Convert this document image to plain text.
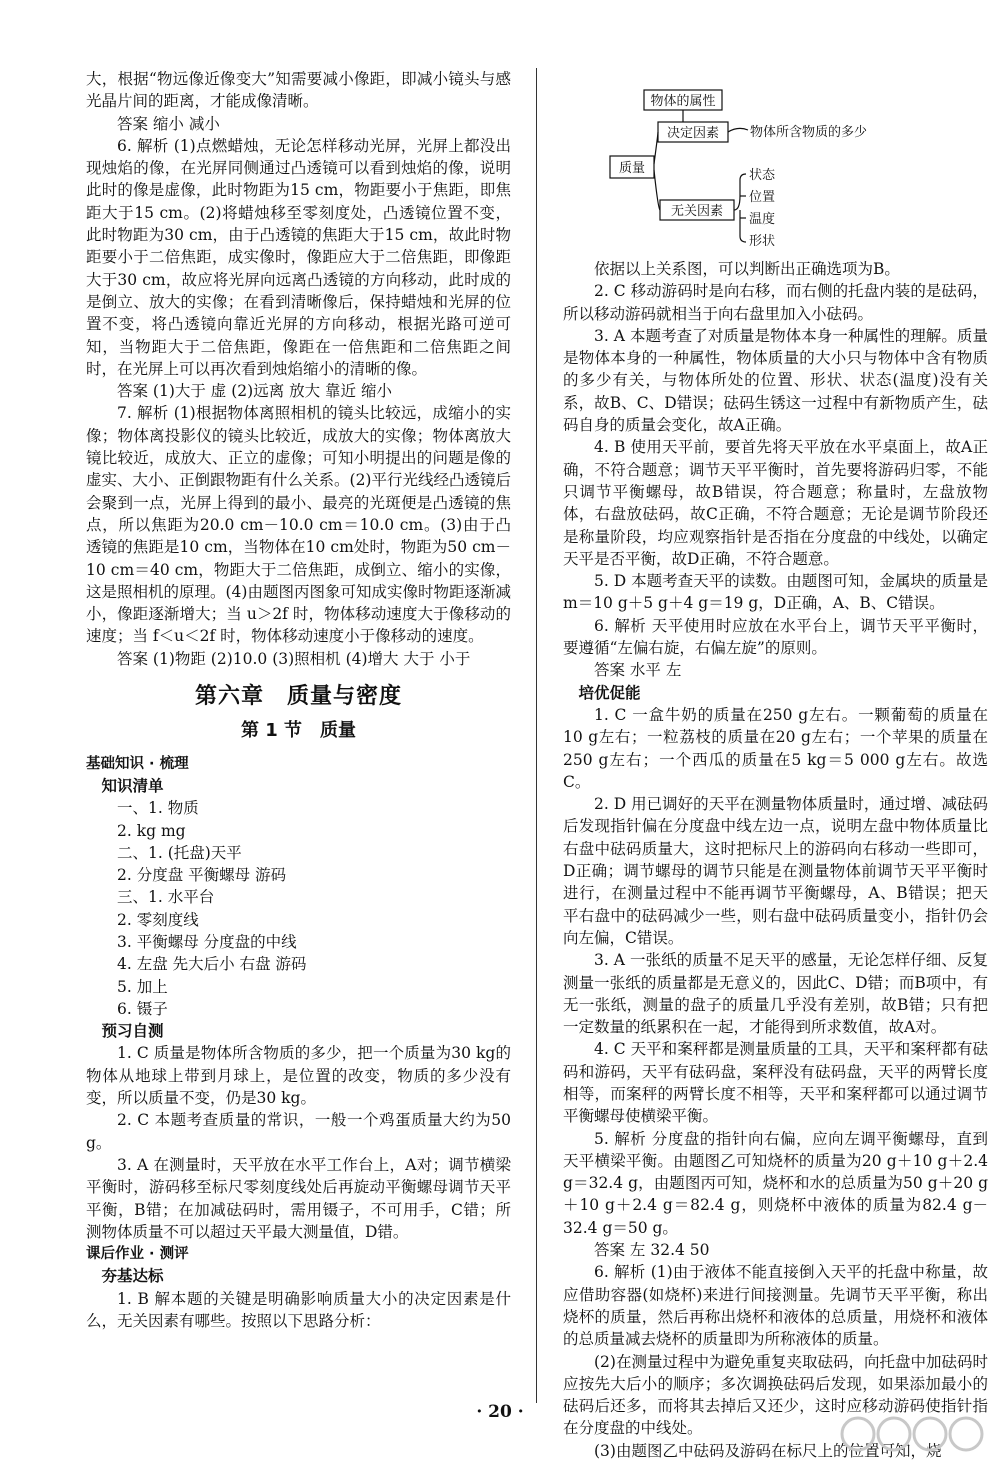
大，根据“物远像近像变大”知需要减小像距，即减小镜头与感光晶片间的距离，才能成像清晰。

答案 缩小 减小

6. 解析 (1)点燃蜡烛，无论怎样移动光屏，光屏上都没出现烛焰的像，在光屏同侧通过凸透镜可以看到烛焰的像，说明此时的像是虚像，此时物距为15 cm，物距要小于焦距，即焦距大于15 cm。(2)将蜡烛移至零刻度处，凸透镜位置不变，此时物距为30 cm，由于凸透镜的焦距大于15 cm，故此时物距要小于二倍焦距，成实像时，像距应大于二倍焦距，即像距大于30 cm，故应将光屏向远离凸透镜的方向移动，此时成的是倒立、放大的实像；在看到清晰像后，保持蜡烛和光屏的位置不变，将凸透镜向靠近光屏的方向移动，根据光路可逆可知，当物距大于二倍焦距，像距在一倍焦距和二倍焦距之间时，在光屏上可以再次看到烛焰缩小的清晰的像。

答案 (1)大于 虚 (2)远离 放大 靠近 缩小

7. 解析 (1)根据物体离照相机的镜头比较远，成缩小的实像；物体离投影仪的镜头比较近，成放大的实像；物体离放大镜比较近，成放大、正立的虚像；可知小明提出的问题是像的虚实、大小、正倒跟物距有什么关系。(2)平行光线经凸透镜后会聚到一点，光屏上得到的最小、最亮的光斑便是凸透镜的焦点，所以焦距为20.0 cm－10.0 cm＝10.0 cm。(3)由于凸透镜的焦距是10 cm，当物体在10 cm处时，物距为50 cm－10 cm＝40 cm，物距大于二倍焦距，成倒立、缩小的实像，这是照相机的原理。(4)由题图丙图象可知成实像时物距逐渐减小，像距逐渐增大；当 u＞2f 时，物体移动速度大于像移动的速度；当 f＜u＜2f 时，物体移动速度小于像移动的速度。

答案 (1)物距 (2)10.0 (3)照相机 (4)增大 大于 小于

第六章　质量与密度
第 1 节　质量

基础知识 · 梳理

知识清单

一、1. 物质

2. kg mg

二、1. (托盘)天平

2. 分度盘 平衡螺母 游码

三、1. 水平台

2. 零刻度线

3. 平衡螺母 分度盘的中线

4. 左盘 先大后小 右盘 游码

5. 加上

6. 镊子

预习自测

1. C 质量是物体所含物质的多少，把一个质量为30 kg的物体从地球上带到月球上，是位置的改变，物质的多少没有变，所以质量不变，仍是30 kg。

2. C 本题考查质量的常识，一般一个鸡蛋质量大约为50 g。

3. A 在测量时，天平放在水平工作台上，A对；调节横梁平衡时，游码移至标尺零刻度线处后再旋动平衡螺母调节天平平衡，B错；在加减砝码时，需用镊子，不可用手，C错；所测物体质量不可以超过天平最大测量值，D错。

课后作业 · 测评

夯基达标

1. B 解本题的关键是明确影响质量大小的决定因素是什么，无关因素有哪些。按照以下思路分析：

物体的属性
决定因素 物体所含物质的多少
质量
无关因素
状态
位置
温度
形状

依据以上关系图，可以判断出正确选项为B。

2. C 移动游码时是向右移，而右侧的托盘内装的是砝码，所以移动游码就相当于向右盘里加入小砝码。

3. A 本题考查了对质量是物体本身一种属性的理解。质量是物体本身的一种属性，物体质量的大小只与物体中含有物质的多少有关，与物体所处的位置、形状、状态(温度)没有关系，故B、C、D错误；砝码生锈这一过程中有新物质产生，砝码自身的质量会变化，故A正确。

4. B 使用天平前，要首先将天平放在水平桌面上，故A正确，不符合题意；调节天平平衡时，首先要将游码归零，不能只调节平衡螺母，故B错误，符合题意；称量时，左盘放物体，右盘放砝码，故C正确，不符合题意；无论是调节阶段还是称量阶段，均应观察指针是否指在分度盘的中线处，以确定天平是否平衡，故D正确，不符合题意。

5. D 本题考查天平的读数。由题图可知，金属块的质量是 m＝10 g＋5 g＋4 g＝19 g，D正确，A、B、C错误。

6. 解析 天平使用时应放在水平台上，调节天平平衡时，要遵循“左偏右旋，右偏左旋”的原则。

答案 水平 左

培优促能

1. C 一盒牛奶的质量在250 g左右。一颗葡萄的质量在10 g左右；一粒荔枝的质量在20 g左右；一个苹果的质量在250 g左右；一个西瓜的质量在5 kg＝5 000 g左右。故选C。

2. D 用已调好的天平在测量物体质量时，通过增、减砝码后发现指针偏在分度盘中线左边一点，说明左盘中物体质量比右盘中砝码质量大，这时把标尺上的游码向右移动一些即可，D正确；调节螺母的调节只能是在测量物体前调节天平平衡时进行，在测量过程中不能再调节平衡螺母，A、B错误；把天平右盘中的砝码减少一些，则右盘中砝码质量变小，指针仍会向左偏，C错误。

3. A 一张纸的质量不足天平的感量，无论怎样仔细、反复测量一张纸的质量都是无意义的，因此C、D错；而B项中，有无一张纸，测量的盘子的质量几乎没有差别，故B错；只有把一定数量的纸累积在一起，才能得到所求数值，故A对。

4. C 天平和案秤都是测量质量的工具，天平和案秤都有砝码和游码，天平有砝码盘，案秤没有砝码盘，天平的两臂长度相等，而案秤的两臂长度不相等，天平和案秤都可以通过调节平衡螺母使横梁平衡。

5. 解析 分度盘的指针向右偏，应向左调平衡螺母，直到天平横梁平衡。由题图乙可知烧杯的质量为20 g＋10 g＋2.4 g＝32.4 g，由题图丙可知，烧杯和水的总质量为50 g＋20 g＋10 g＋2.4 g＝82.4 g，则烧杯中液体的质量为82.4 g－32.4 g＝50 g。

答案 左 32.4 50

6. 解析 (1)由于液体不能直接倒入天平的托盘中称量，故应借助容器(如烧杯)来进行间接测量。先调节天平平衡，称出烧杯的质量，然后再称出烧杯和液体的总质量，用烧杯和液体的总质量减去烧杯的质量即为所称液体的质量。

(2)在测量过程中为避免重复夹取砝码，向托盘中加砝码时应按先大后小的顺序；多次调换砝码后发现，如果添加最小的砝码后还多，而将其去掉后又还少，这时应移动游码使指针指在分度盘的中线处。

(3)由题图乙中砝码及游码在标尺上的位置可知，烧

· 20 ·
